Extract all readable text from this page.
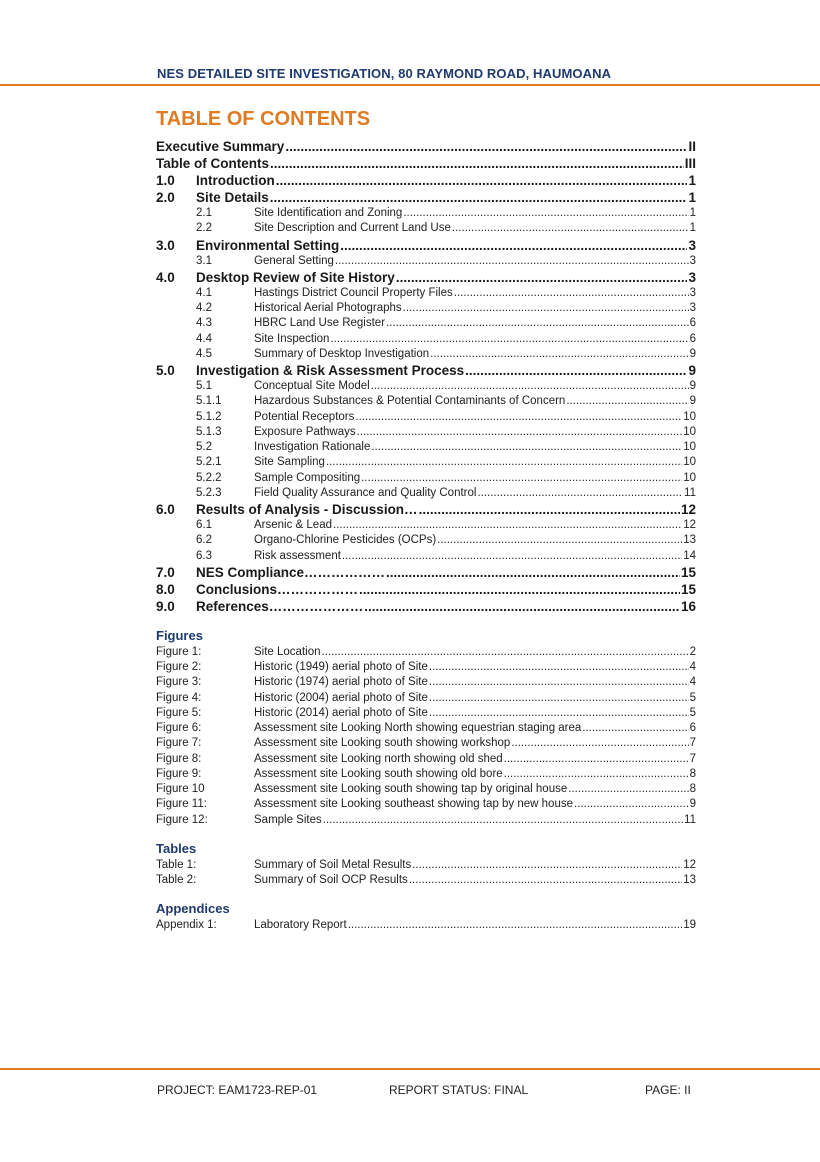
NES DETAILED SITE INVESTIGATION, 80 RAYMOND ROAD, HAUMOANA
TABLE OF CONTENTS
Executive Summary .....	II
Table of Contents .....	III
1.0	Introduction .....	1
2.0	Site Details .....	1
2.1	Site Identification and Zoning .....	1
2.2	Site Description and Current Land Use .....	1
3.0	Environmental Setting .....	3
3.1	General Setting .....	3
4.0	Desktop Review of Site History .....	3
4.1	Hastings District Council Property Files .....	3
4.2	Historical Aerial Photographs .....	3
4.3	HBRC Land Use Register .....	6
4.4	Site Inspection .....	6
4.5	Summary of Desktop Investigation .....	9
5.0	Investigation & Risk Assessment Process .....	9
5.1	Conceptual Site Model .....	9
5.1.1	Hazardous Substances & Potential Contaminants of Concern .....	9
5.1.2	Potential Receptors .....	10
5.1.3	Exposure Pathways .....	10
5.2	Investigation Rationale .....	10
5.2.1	Site Sampling .....	10
5.2.2	Sample Compositing .....	10
5.2.3	Field Quality Assurance and Quality Control .....	11
6.0	Results of Analysis - Discussion… .....	12
6.1	Arsenic & Lead .....	12
6.2	Organo-Chlorine Pesticides (OCPs) .....	13
6.3	Risk assessment .....	14
7.0	NES Compliance……………… .....	15
8.0	Conclusions……………… .....	15
9.0	References………………… .....	16
Figures
Figure 1:	Site Location .....	2
Figure 2:	Historic (1949) aerial photo of Site .....	4
Figure 3:	Historic (1974) aerial photo of Site .....	4
Figure 4:	Historic (2004) aerial photo of Site .....	5
Figure 5:	Historic (2014) aerial photo of Site .....	5
Figure 6:	Assessment site Looking North showing equestrian staging area .....	6
Figure 7:	Assessment site Looking south showing workshop .....	7
Figure 8:	Assessment site Looking north showing old shed .....	7
Figure 9:	Assessment site Looking south showing old bore .....	8
Figure 10	Assessment site Looking south showing tap by original house .....	8
Figure 11:	Assessment site Looking southeast showing tap by new house .....	9
Figure 12:	Sample Sites .....	11
Tables
Table 1:	Summary of Soil Metal Results .....	12
Table 2:	Summary of Soil OCP Results .....	13
Appendices
Appendix 1:	Laboratory Report .....	19
PROJECT: EAM1723-REP-01	REPORT STATUS: FINAL	PAGE: II
